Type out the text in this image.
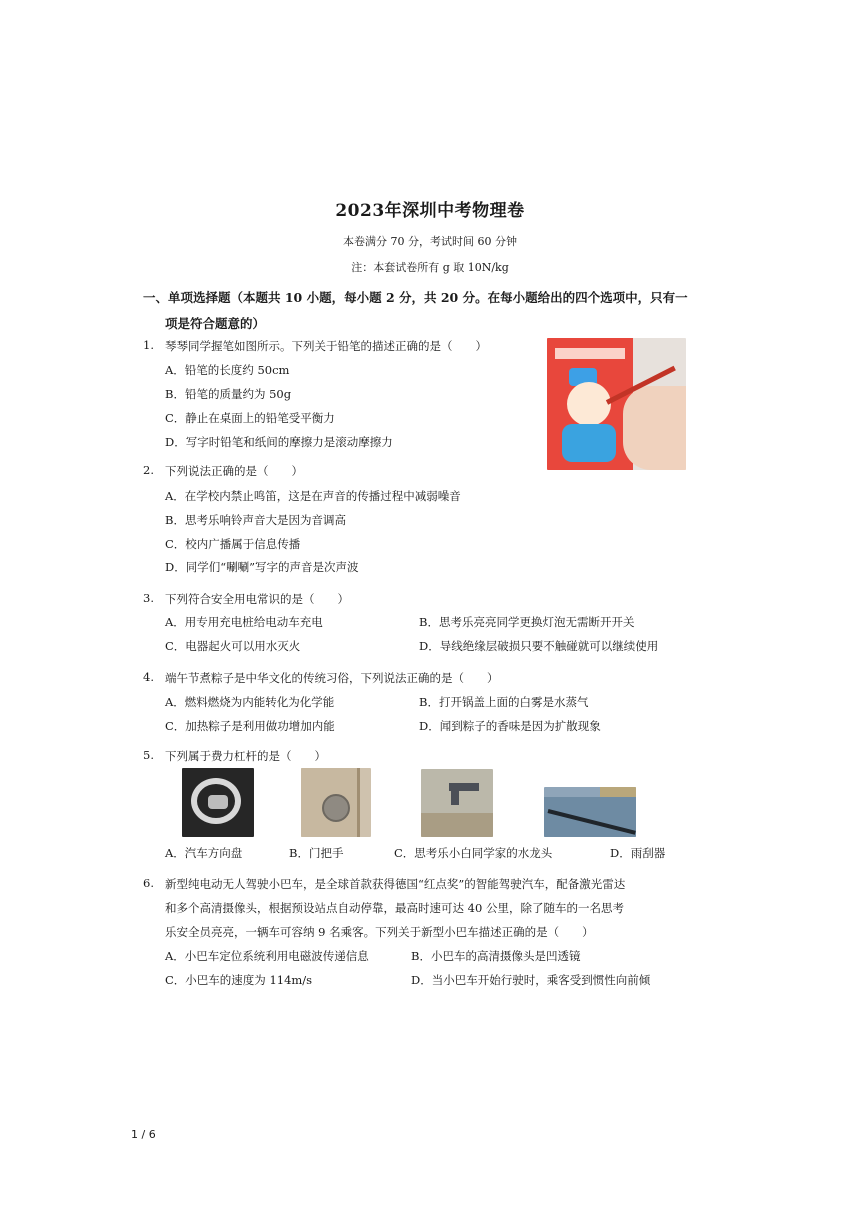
2023年深圳中考物理卷
本卷满分 70 分，考试时间 60 分钟
注：本套试卷所有 g 取 10N/kg
一、单项选择题（本题共 10 小题，每小题 2 分，共 20 分。在每小题给出的四个选项中，只有一
项是符合题意的）
1. 琴琴同学握笔如图所示。下列关于铅笔的描述正确的是（　　）
A．铅笔的长度约 50cm
B．铅笔的质量约为 50g
C．静止在桌面上的铅笔受平衡力
D．写字时铅笔和纸间的摩擦力是滚动摩擦力
2. 下列说法正确的是（　　）
A．在学校内禁止鸣笛，这是在声音的传播过程中减弱噪音
B．思考乐响铃声音大是因为音调高
C．校内广播属于信息传播
D．同学们“唰唰”写字的声音是次声波
3. 下列符合安全用电常识的是（　　）
A．用专用充电桩给电动车充电	B．思考乐亮亮同学更换灯泡无需断开开关
C．电器起火可以用水灭火	D．导线绝缘层破损只要不触碰就可以继续使用
4. 端午节煮粽子是中华文化的传统习俗，下列说法正确的是（　　）
A．燃料燃烧为内能转化为化学能	B．打开锅盖上面的白雾是水蒸气
C．加热粽子是利用做功增加内能	D．闻到粽子的香味是因为扩散现象
5. 下列属于费力杠杆的是（　　）
A．汽车方向盘	B．门把手	C．思考乐小白同学家的水龙头	D．雨刮器
6. 新型纯电动无人驾驶小巴车，是全球首款获得德国“红点奖”的智能驾驶汽车，配备激光雷达
和多个高清摄像头，根据预设站点自动停靠，最高时速可达 40 公里，除了随车的一名思考
乐安全员亮亮，一辆车可容纳 9 名乘客。下列关于新型小巴车描述正确的是（　　）
A．小巴车定位系统利用电磁波传递信息	B．小巴车的高清摄像头是凹透镜
C．小巴车的速度为 114m/s	D．当小巴车开始行驶时，乘客受到惯性向前倾
1 / 6
